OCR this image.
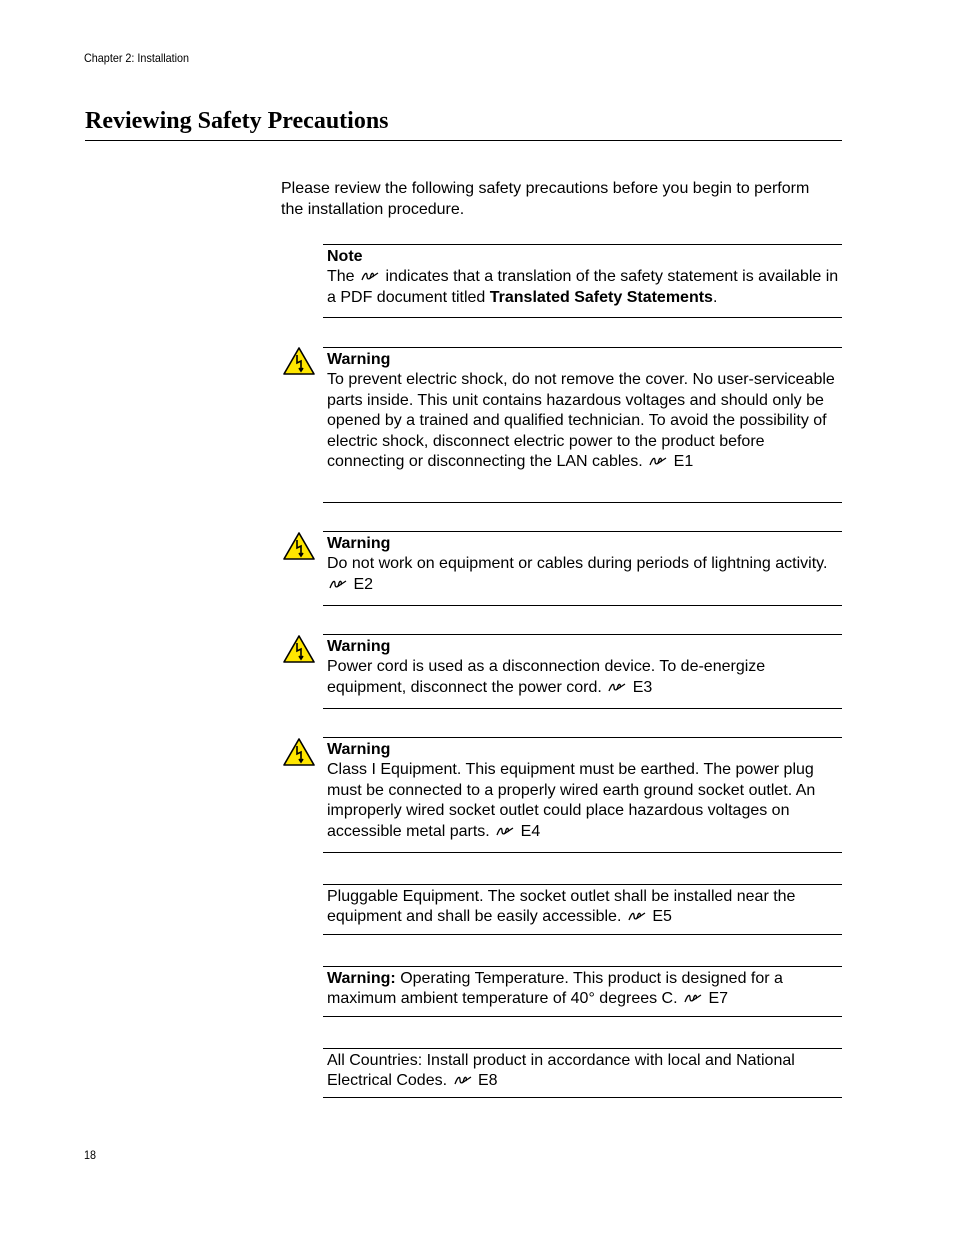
Chapter 2: Installation
Reviewing Safety Precautions
Please review the following safety precautions before you begin to perform the installation procedure.
Note

The indicates that a translation of the safety statement is available in a PDF document titled Translated Safety Statements.

Warning

To prevent electric shock, do not remove the cover. No user-serviceable parts inside. This unit contains hazardous voltages and should only be opened by a trained and qualified technician. To avoid the possibility of electric shock, disconnect electric power to the product before connecting or disconnecting the LAN cables. E1

Warning

Do not work on equipment or cables during periods of lightning activity.  E2

Warning

Power cord is used as a disconnection device. To de-energize equipment, disconnect the power cord. E3

Warning

Class I Equipment. This equipment must be earthed. The power plug must be connected to a properly wired earth ground socket outlet. An improperly wired socket outlet could place hazardous voltages on accessible metal parts. E4

Pluggable Equipment. The socket outlet shall be installed near the equipment and shall be easily accessible. E5

Warning: Operating Temperature. This product is designed for a maximum ambient temperature of 40° degrees C. E7

All Countries: Install product in accordance with local and National Electrical Codes. E8

18
